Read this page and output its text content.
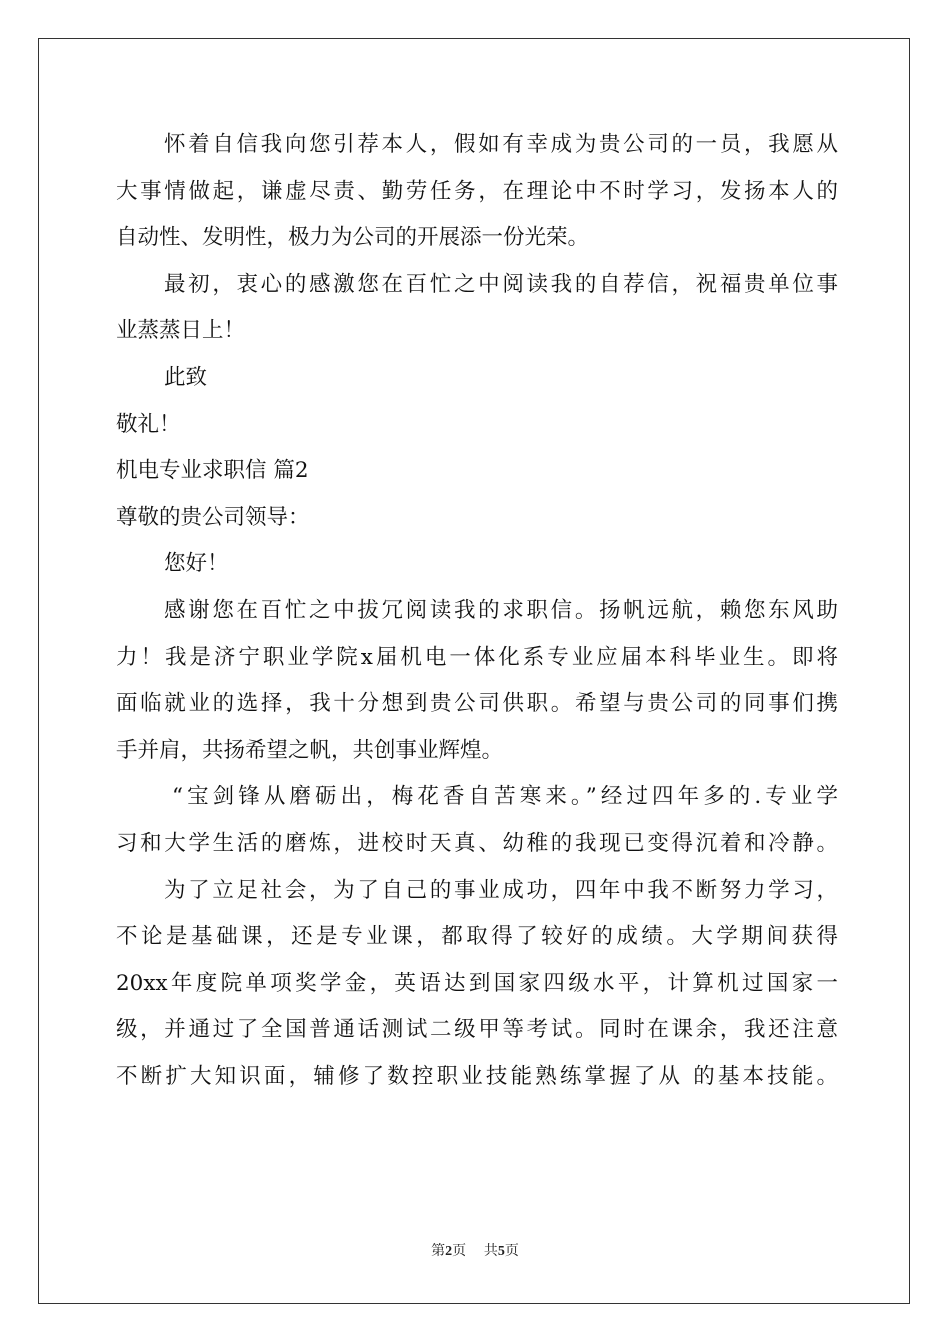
怀着自信我向您引荐本人，假如有幸成为贵公司的一员，我愿从
大事情做起，谦虚尽责、勤劳任务，在理论中不时学习，发扬本人的
自动性、发明性，极力为公司的开展添一份光荣。
最初，衷心的感激您在百忙之中阅读我的自荐信，祝福贵单位事
业蒸蒸日上！
此致
敬礼！
机电专业求职信 篇2
尊敬的贵公司领导：
您好！
感谢您在百忙之中拔冗阅读我的求职信。扬帆远航，赖您东风助
力！我是济宁职业学院x届机电一体化系专业应届本科毕业生。即将
面临就业的选择，我十分想到贵公司供职。希望与贵公司的同事们携
手并肩，共扬希望之帆，共创事业辉煌。
“宝剑锋从磨砺出，梅花香自苦寒来。”经过四年多的.专业学
习和大学生活的磨炼，进校时天真、幼稚的我现已变得沉着和冷静。
为了立足社会，为了自己的事业成功，四年中我不断努力学习，
不论是基础课，还是专业课，都取得了较好的成绩。大学期间获得
20xx年度院单项奖学金，英语达到国家四级水平，计算机过国家一
级，并通过了全国普通话测试二级甲等考试。同时在课余，我还注意
不断扩大知识面，辅修了数控职业技能熟练掌握了从 的基本技能。
第2页 共5页
